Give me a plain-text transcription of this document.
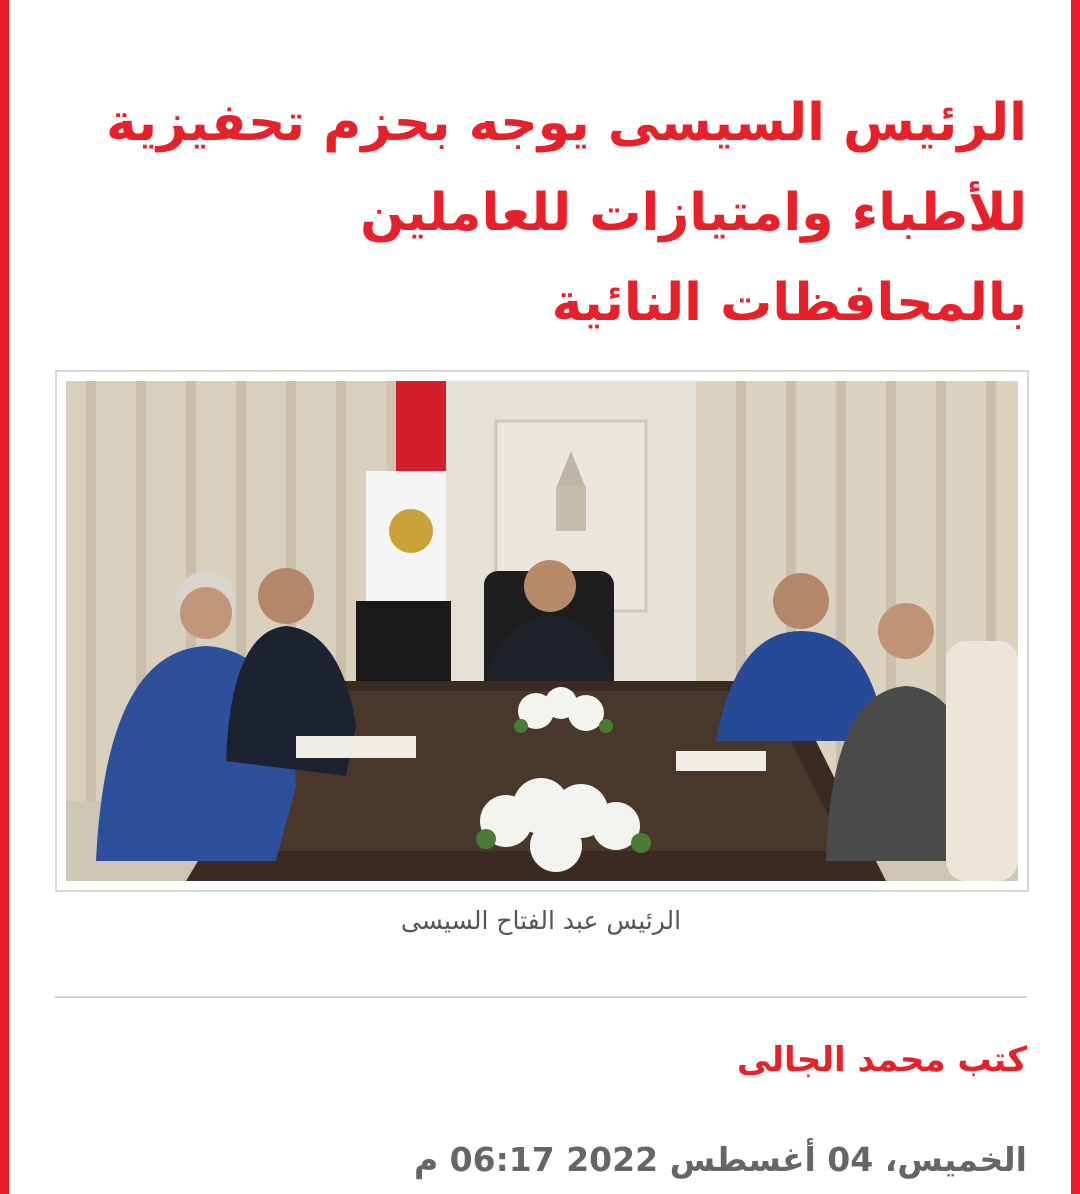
الرئيس السيسى يوجه بحزم تحفيزية للأطباء وامتيازات للعاملين بالمحافظات النائية
الرئيس عبد الفتاح السيسى
كتب محمد الجالى
الخميس، 04 أغسطس 2022 06:17 م
